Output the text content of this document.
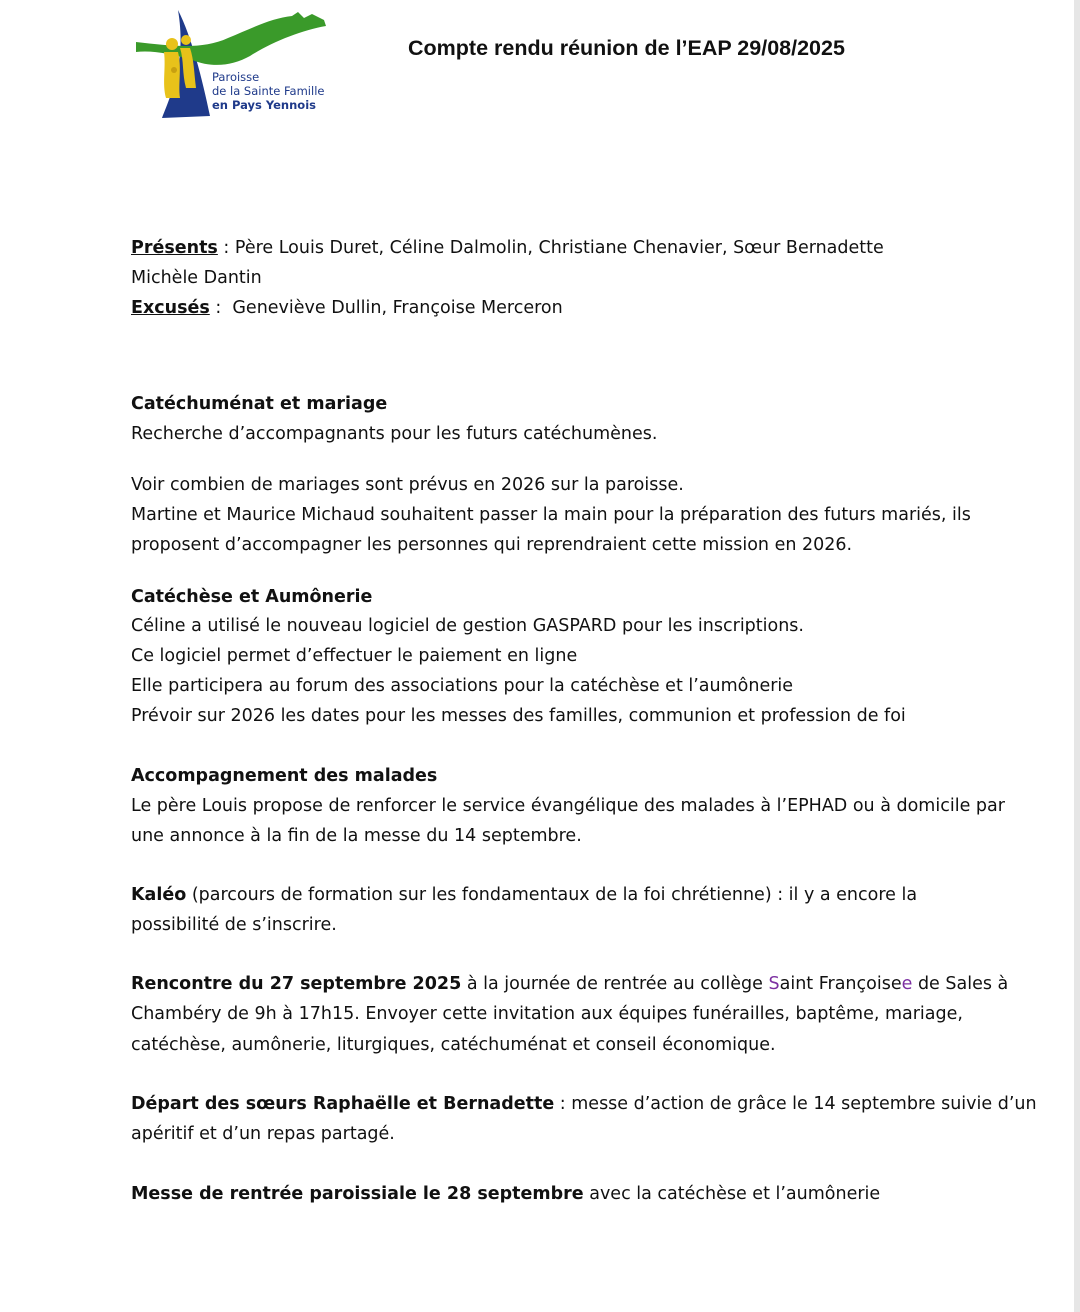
Paroisse
de la Sainte Famille
en Pays Yennois
Compte rendu réunion de l’EAP 29/08/2025
Présents : Père Louis Duret, Céline Dalmolin, Christiane Chenavier, Sœur Bernadette
Michèle Dantin
Excusés :  Geneviève Dullin, Françoise Merceron
Catéchuménat et mariage
Recherche d’accompagnants pour les futurs catéchumènes.
Voir combien de mariages sont prévus en 2026 sur la paroisse.
Martine et Maurice Michaud souhaitent passer la main pour la préparation des futurs mariés, ils
proposent d’accompagner les personnes qui reprendraient cette mission en 2026.
Catéchèse et Aumônerie
Céline a utilisé le nouveau logiciel de gestion GASPARD pour les inscriptions.
Ce logiciel permet d’effectuer le paiement en ligne
Elle participera au forum des associations pour la catéchèse et l’aumônerie
Prévoir sur 2026 les dates pour les messes des familles, communion et profession de foi
Accompagnement des malades
Le père Louis propose de renforcer le service évangélique des malades à l’EPHAD ou à domicile par
une annonce à la fin de la messe du 14 septembre.
Kaléo (parcours de formation sur les fondamentaux de la foi chrétienne) : il y a encore la
possibilité de s’inscrire.
Rencontre du 27 septembre 2025 à la journée de rentrée au collège Saint Françoisee de Sales à
Chambéry de 9h à 17h15. Envoyer cette invitation aux équipes funérailles, baptême, mariage,
catéchèse, aumônerie, liturgiques, catéchuménat et conseil économique.
Départ des sœurs Raphaëlle et Bernadette : messe d’action de grâce le 14 septembre suivie d’un
apéritif et d’un repas partagé.
Messe de rentrée paroissiale le 28 septembre avec la catéchèse et l’aumônerie
